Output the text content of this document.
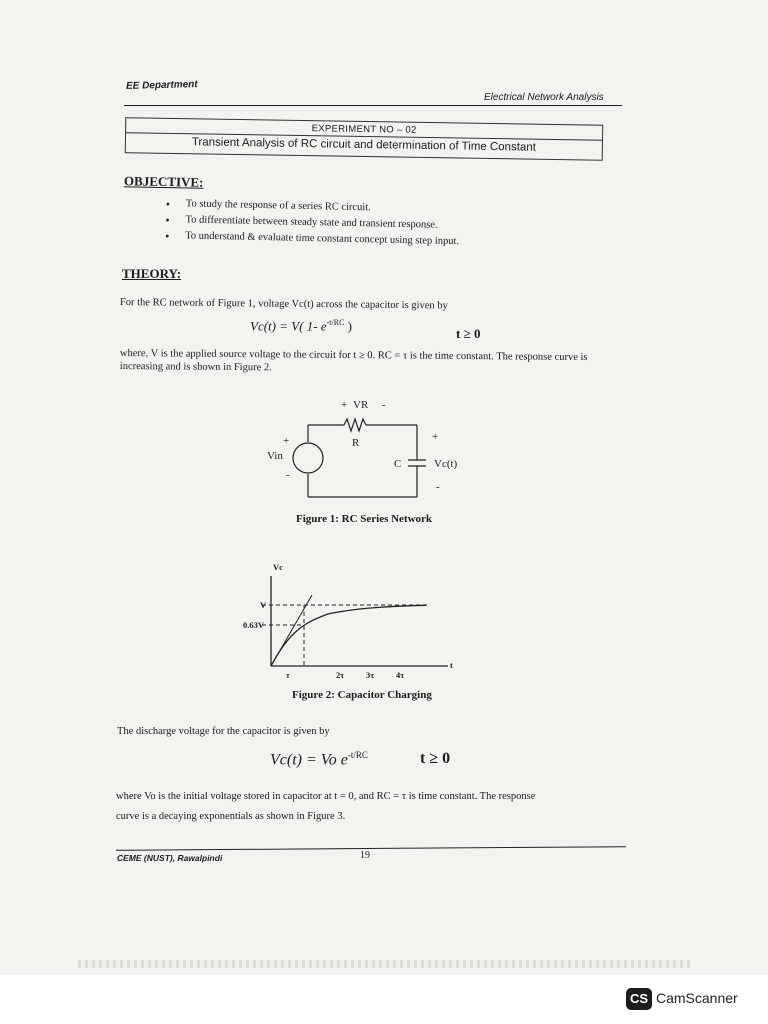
EE Department
Electrical Network Analysis
EXPERIMENT NO – 02
Transient Analysis of RC circuit and determination of Time Constant
OBJECTIVE:
• To study the response of a series RC circuit.
• To differentiate between steady state and transient response.
• To understand & evaluate time constant concept using step input.
THEORY:
For the RC network of Figure 1, voltage Vc(t) across the capacitor is given by
Vc(t) = V( 1- $e^{-t/RC}$ )
t ≥ 0
where, V is the applied source voltage to the circuit for t ≥ 0. RC = τ is the time constant. The response curve is increasing and is shown in Figure 2.
+ VR -
R
+
Vin
-
C
+
Vc(t)
-
Figure 1: RC Series Network
Vc
V
0.63V
t
τ	2τ	3τ	4τ
Figure 2: Capacitor Charging
The discharge voltage for the capacitor is given by
Vc(t) = Vo $e^{-t/RC}$	t ≥ 0
where Vo is the initial voltage stored in capacitor at t = 0, and RC = τ is time constant. The response curve is a decaying exponentials as shown in Figure 3.
CEME (NUST), Rawalpindi	19
CS CamScanner
